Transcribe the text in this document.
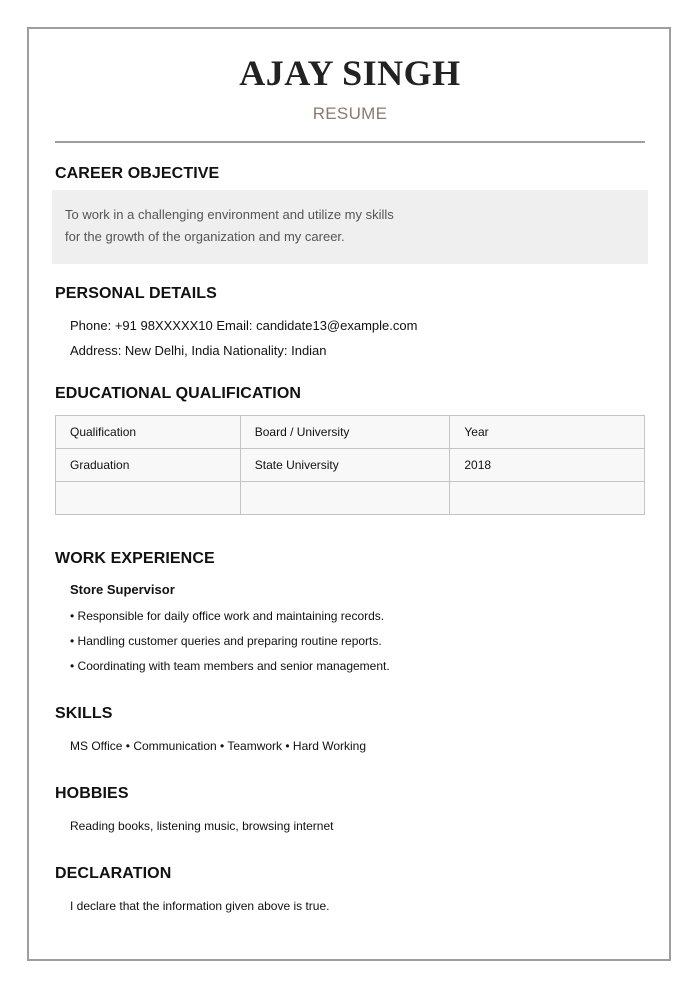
AJAY SINGH
RESUME
CAREER OBJECTIVE
To work in a challenging environment and utilize my skills
for the growth of the organization and my career.
PERSONAL DETAILS
Phone: +91 98XXXXX10 Email: candidate13@example.com
Address: New Delhi, India Nationality: Indian
EDUCATIONAL QUALIFICATION
Qualification	Board / University	Year
Graduation	State University	2018

WORK EXPERIENCE
Store Supervisor
• Responsible for daily office work and maintaining records.
• Handling customer queries and preparing routine reports.
• Coordinating with team members and senior management.
SKILLS
MS Office • Communication • Teamwork • Hard Working
HOBBIES
Reading books, listening music, browsing internet
DECLARATION
I declare that the information given above is true.
